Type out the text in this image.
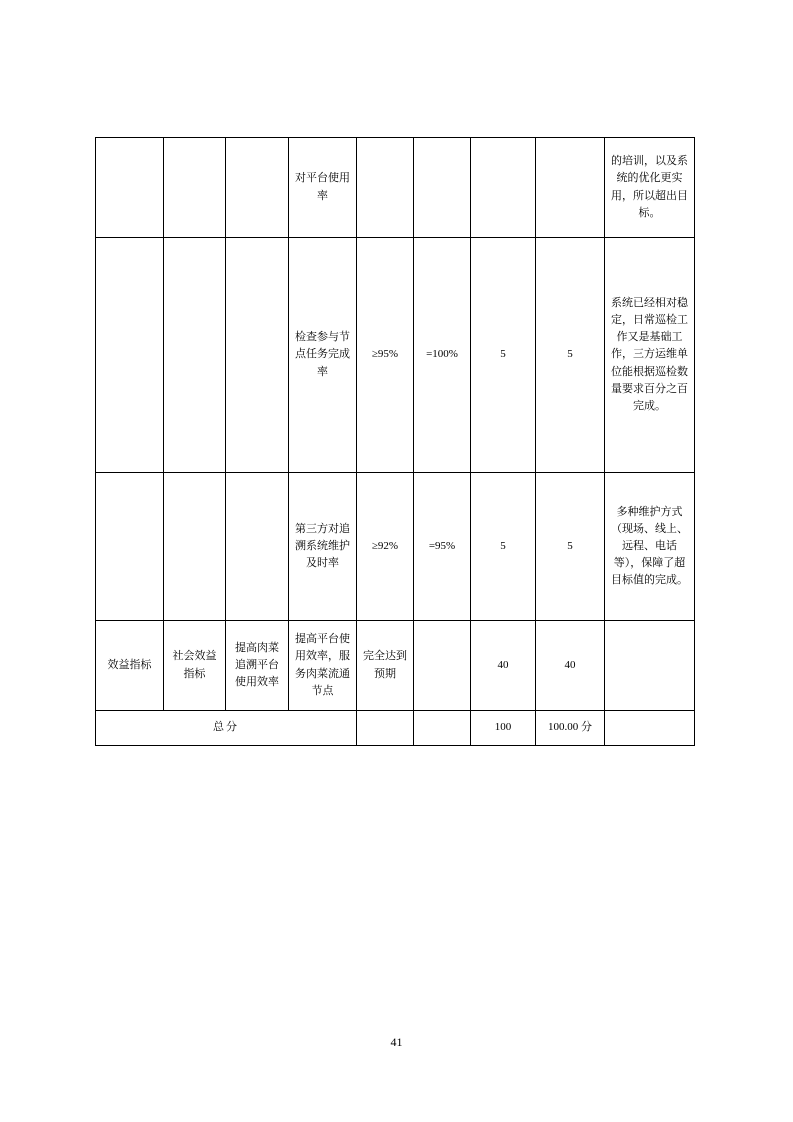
			对平台使用率					的培训，以及系统的优化更实用，所以超出目标。
			检查参与节点任务完成率	≥95%	=100%	5	5	系统已经相对稳定，日常巡检工作又是基础工作，三方运维单位能根据巡检数量要求百分之百完成。
			第三方对追溯系统维护及时率	≥92%	=95%	5	5	多种维护方式（现场、线上、远程、电话等），保障了超目标值的完成。
效益指标	社会效益指标	提高肉菜追溯平台使用效率	提高平台使用效率，服务肉菜流通节点	完全达到预期		40	40	
总分						100	100.00 分	
41
